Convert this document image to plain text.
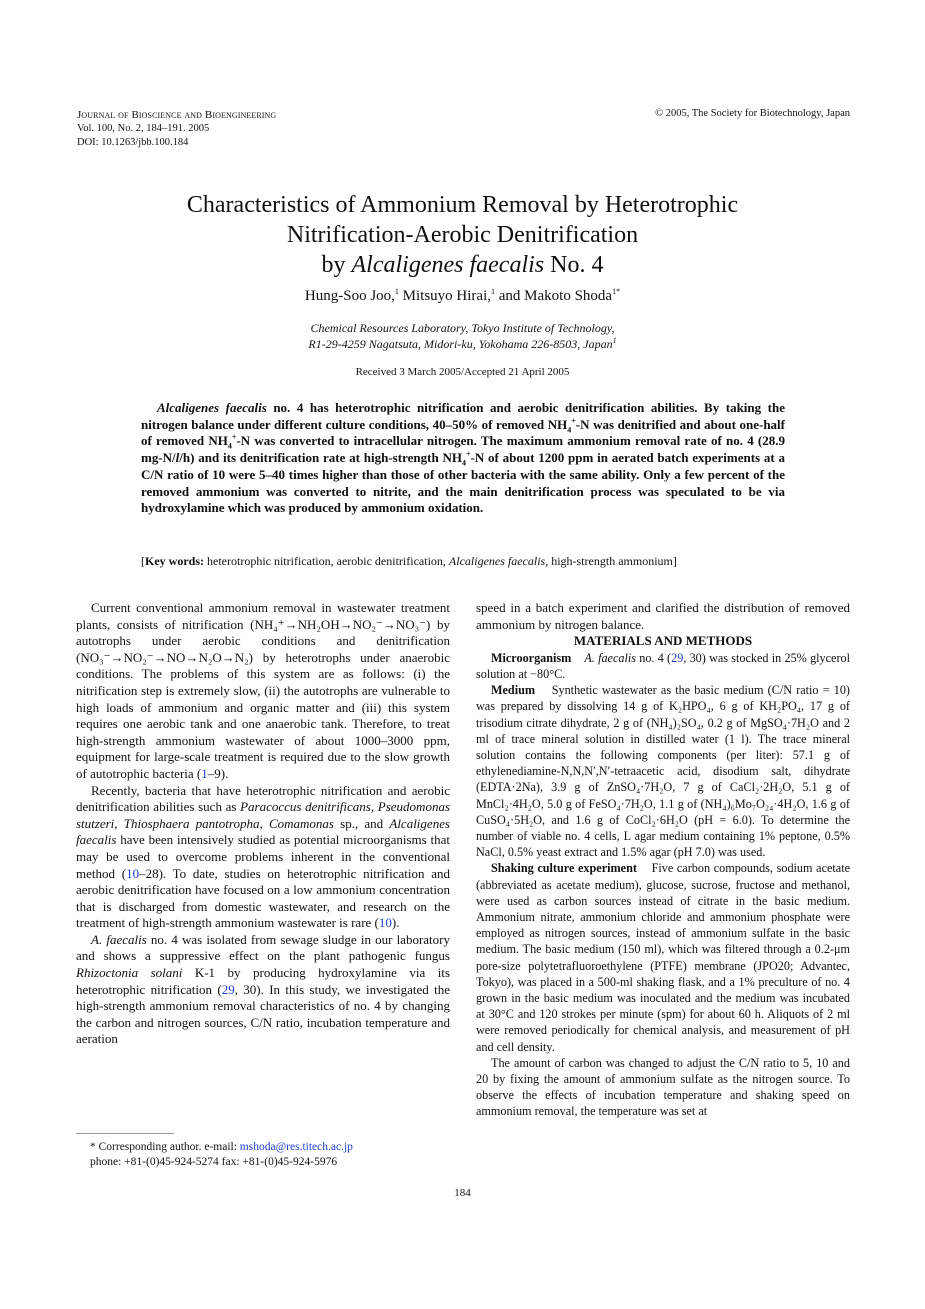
Journal of Bioscience and Bioengineering
Vol. 100, No. 2, 184–191. 2005
DOI: 10.1263/jbb.100.184
© 2005, The Society for Biotechnology, Japan
Characteristics of Ammonium Removal by Heterotrophic
Nitrification-Aerobic Denitrification
by Alcaligenes faecalis No. 4
Hung-Soo Joo,$^1$ Mitsuyo Hirai,$^1$ and Makoto Shoda$^{1*}$
Chemical Resources Laboratory, Tokyo Institute of Technology,
R1-29-4259 Nagatsuta, Midori-ku, Yokohama 226-8503, Japan$^1$
Received 3 March 2005/Accepted 21 April 2005
Alcaligenes faecalis no. 4 has heterotrophic nitrification and aerobic denitrification abilities. By taking the nitrogen balance under different culture conditions, 40–50% of removed $NH_4^+-N$ was denitrified and about one-half of removed $NH_4^+-N$ was converted to intracellular nitrogen. The maximum ammonium removal rate of no. 4 (28.9 mg-N/l/h) and its denitrification rate at high-strength $NH_4^+-N$ of about 1200 ppm in aerated batch experiments at a C/N ratio of 10 were 5–40 times higher than those of other bacteria with the same ability. Only a few percent of the removed ammonium was converted to nitrite, and the main denitrification process was speculated to be via hydroxylamine which was produced by ammonium oxidation.
[Key words: heterotrophic nitrification, aerobic denitrification, Alcaligenes faecalis, high-strength ammonium]

Current conventional ammonium removal in wastewater treatment plants, consists of nitrification (NH₄⁺→NH₂OH→NO₂⁻→NO₃⁻) by autotrophs under aerobic conditions and denitrification (NO₃⁻→NO₂⁻→NO→N₂O→N₂) by heterotrophs under anaerobic conditions. The problems of this system are as follows: (i) the nitrification step is extremely slow, (ii) the autotrophs are vulnerable to high loads of ammonium and organic matter and (iii) this system requires one aerobic tank and one anaerobic tank. Therefore, to treat high-strength ammonium wastewater of about 1000–3000 ppm, equipment for large-scale treatment is required due to the slow growth of autotrophic bacteria (1–9).

Recently, bacteria that have heterotrophic nitrification and aerobic denitrification abilities such as Paracoccus denitrificans, Pseudomonas stutzeri, Thiosphaera pantotropha, Comamonas sp., and Alcaligenes faecalis have been intensively studied as potential microorganisms that may be used to overcome problems inherent in the conventional method (10–28). To date, studies on heterotrophic nitrification and aerobic denitrification have focused on a low ammonium concentration that is discharged from domestic wastewater, and research on the treatment of high-strength ammonium wastewater is rare (10).

A. faecalis no. 4 was isolated from sewage sludge in our laboratory and shows a suppressive effect on the plant pathogenic fungus Rhizoctonia solani K-1 by producing hydroxylamine via its heterotrophic nitrification (29, 30). In this study, we investigated the high-strength ammonium removal characteristics of no. 4 by changing the carbon and nitrogen sources, C/N ratio, incubation temperature and aeration

speed in a batch experiment and clarified the distribution of removed ammonium by nitrogen balance.

MATERIALS AND METHODS

Microorganism A. faecalis no. 4 (29, 30) was stocked in 25% glycerol solution at −80°C.

Medium Synthetic wastewater as the basic medium (C/N ratio = 10) was prepared by dissolving 14 g of K₂HPO₄, 6 g of KH₂PO₄, 17 g of trisodium citrate dihydrate, 2 g of (NH₄)₂SO₄, 0.2 g of MgSO₄·7H₂O and 2 ml of trace mineral solution in distilled water (1 l). The trace mineral solution contains the following components (per liter): 57.1 g of ethylenediamine-N,N,N′,N′-tetraacetic acid, disodium salt, dihydrate (EDTA·2Na), 3.9 g of ZnSO₄·7H₂O, 7 g of CaCl₂·2H₂O, 5.1 g of MnCl₂·4H₂O, 5.0 g of FeSO₄·7H₂O, 1.1 g of (NH₄)₆Mo₇O₂₄·4H₂O, 1.6 g of CuSO₄·5H₂O, and 1.6 g of CoCl₂·6H₂O (pH = 6.0). To determine the number of viable no. 4 cells, L agar medium containing 1% peptone, 0.5% NaCl, 0.5% yeast extract and 1.5% agar (pH 7.0) was used.

Shaking culture experiment Five carbon compounds, sodium acetate (abbreviated as acetate medium), glucose, sucrose, fructose and methanol, were used as carbon sources instead of citrate in the basic medium. Ammonium nitrate, ammonium chloride and ammonium phosphate were employed as nitrogen sources, instead of ammonium sulfate in the basic medium. The basic medium (150 ml), which was filtered through a 0.2-μm pore-size polytetrafluoroethylene (PTFE) membrane (JPO20; Advantec, Tokyo), was placed in a 500-ml shaking flask, and a 1% preculture of no. 4 grown in the basic medium was inoculated and the medium was incubated at 30°C and 120 strokes per minute (spm) for about 60 h. Aliquots of 2 ml were removed periodically for chemical analysis, and measurement of pH and cell density.

The amount of carbon was changed to adjust the C/N ratio to 5, 10 and 20 by fixing the amount of ammonium sulfate as the nitrogen source. To observe the effects of incubation temperature and shaking speed on ammonium removal, the temperature was set at

* Corresponding author. e-mail: mshoda@res.titech.ac.jp
phone: +81-(0)45-924-5274 fax: +81-(0)45-924-5976
184
